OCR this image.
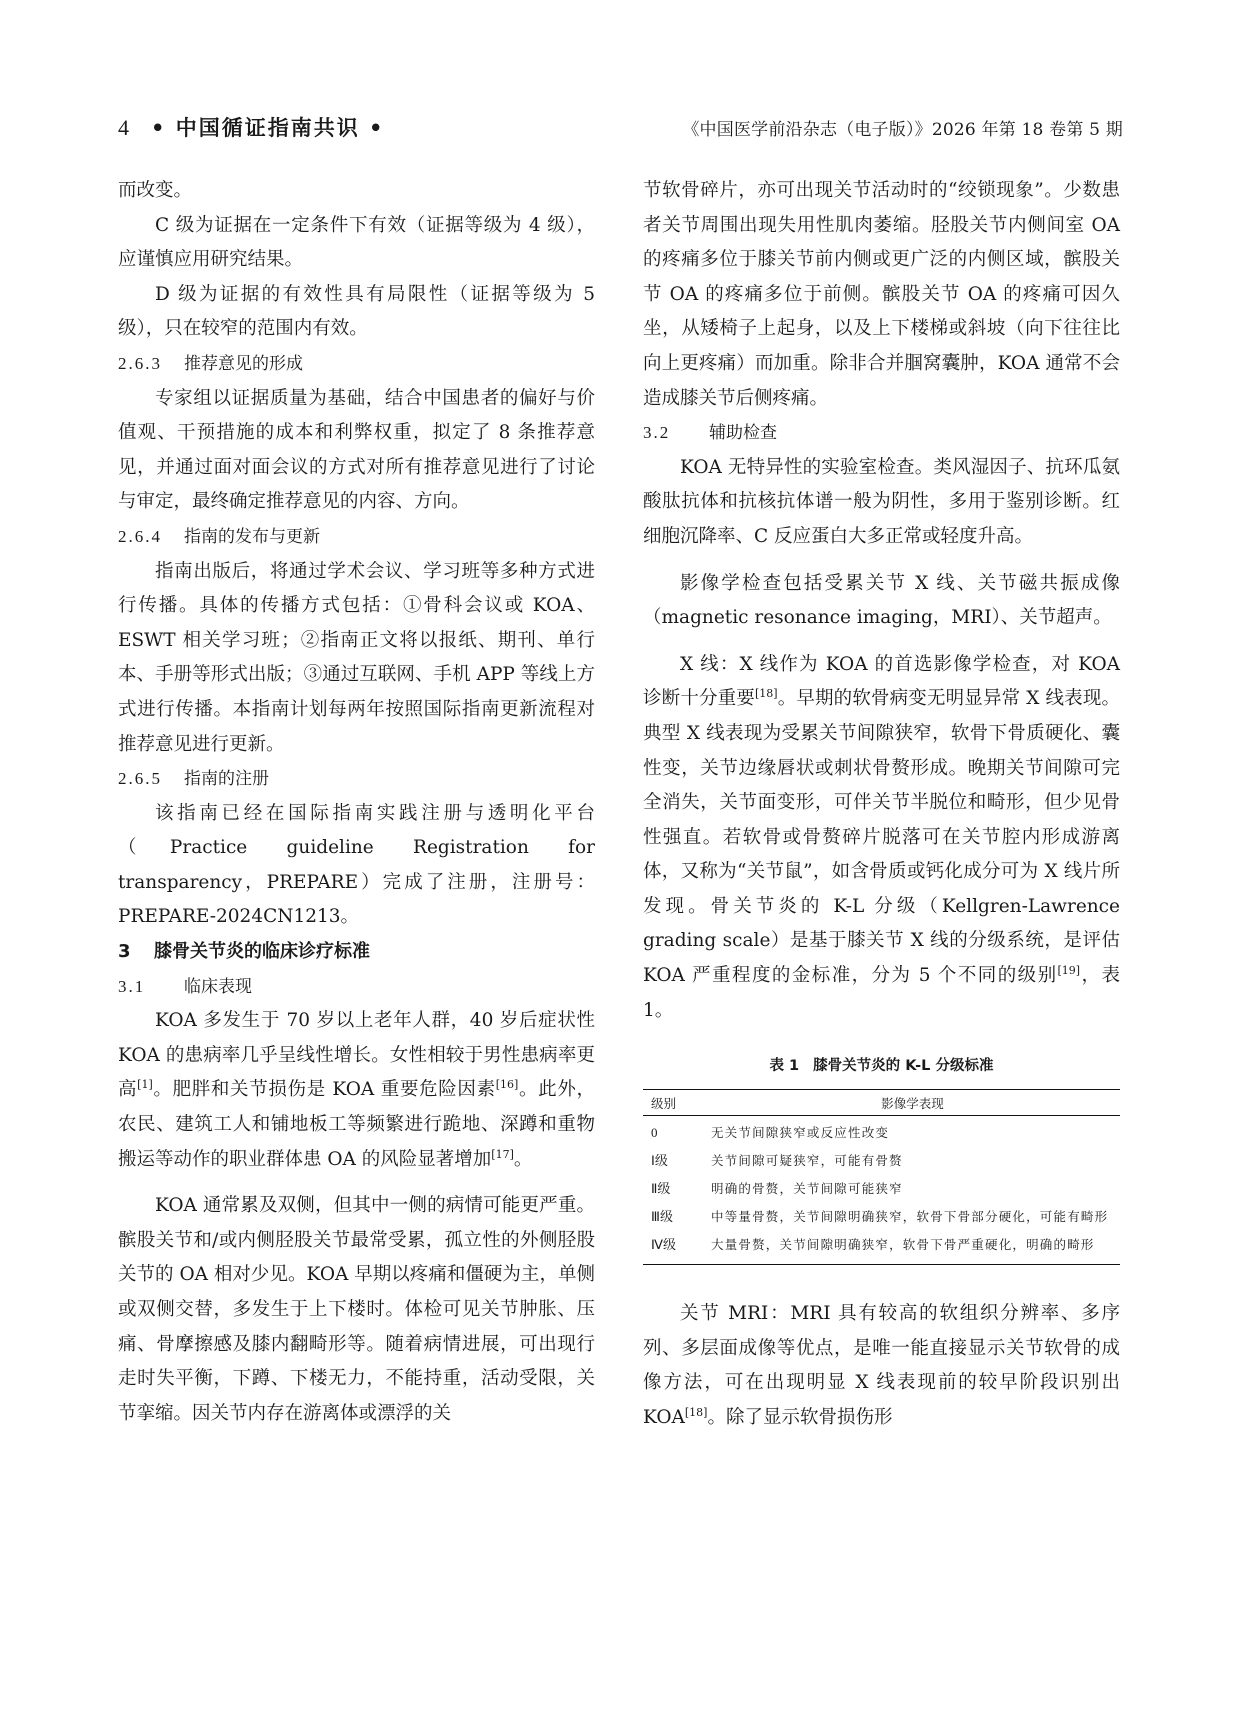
4 • 中国循证指南共识 •	《中国医学前沿杂志（电子版）》2026 年第 18 卷第 5 期

而改变。

C 级为证据在一定条件下有效（证据等级为 4 级），应谨慎应用研究结果。

D 级为证据的有效性具有局限性（证据等级为 5 级），只在较窄的范围内有效。

2.6.3 推荐意见的形成

专家组以证据质量为基础，结合中国患者的偏好与价值观、干预措施的成本和利弊权重，拟定了 8 条推荐意见，并通过面对面会议的方式对所有推荐意见进行了讨论与审定，最终确定推荐意见的内容、方向。

2.6.4 指南的发布与更新

指南出版后，将通过学术会议、学习班等多种方式进行传播。具体的传播方式包括：①骨科会议或 KOA、ESWT 相关学习班；②指南正文将以报纸、期刊、单行本、手册等形式出版；③通过互联网、手机 APP 等线上方式进行传播。本指南计划每两年按照国际指南更新流程对推荐意见进行更新。

2.6.5 指南的注册

该指南已经在国际指南实践注册与透明化平台（Practice guideline Registration for transparency，PREPARE）完成了注册，注册号：PREPARE-2024CN1213。

3 膝骨关节炎的临床诊疗标准
3.1 临床表现

KOA 多发生于 70 岁以上老年人群，40 岁后症状性 KOA 的患病率几乎呈线性增长。女性相较于男性患病率更高[1]。肥胖和关节损伤是 KOA 重要危险因素[16]。此外，农民、建筑工人和铺地板工等频繁进行跪地、深蹲和重物搬运等动作的职业群体患 OA 的风险显著增加[17]。

KOA 通常累及双侧，但其中一侧的病情可能更严重。髌股关节和/或内侧胫股关节最常受累，孤立性的外侧胫股关节的 OA 相对少见。KOA 早期以疼痛和僵硬为主，单侧或双侧交替，多发生于上下楼时。体检可见关节肿胀、压痛、骨摩擦感及膝内翻畸形等。随着病情进展，可出现行走时失平衡，下蹲、下楼无力，不能持重，活动受限，关节挛缩。因关节内存在游离体或漂浮的关

节软骨碎片，亦可出现关节活动时的“绞锁现象”。少数患者关节周围出现失用性肌肉萎缩。胫股关节内侧间室 OA 的疼痛多位于膝关节前内侧或更广泛的内侧区域，髌股关节 OA 的疼痛多位于前侧。髌股关节 OA 的疼痛可因久坐，从矮椅子上起身，以及上下楼梯或斜坡（向下往往比向上更疼痛）而加重。除非合并腘窝囊肿，KOA 通常不会造成膝关节后侧疼痛。

3.2 辅助检查

KOA 无特异性的实验室检查。类风湿因子、抗环瓜氨酸肽抗体和抗核抗体谱一般为阴性，多用于鉴别诊断。红细胞沉降率、C 反应蛋白大多正常或轻度升高。

影像学检查包括受累关节 X 线、关节磁共振成像（magnetic resonance imaging，MRI）、关节超声。

X 线：X 线作为 KOA 的首选影像学检查，对 KOA 诊断十分重要[18]。早期的软骨病变无明显异常 X 线表现。典型 X 线表现为受累关节间隙狭窄，软骨下骨质硬化、囊性变，关节边缘唇状或刺状骨赘形成。晚期关节间隙可完全消失，关节面变形，可伴关节半脱位和畸形，但少见骨性强直。若软骨或骨赘碎片脱落可在关节腔内形成游离体，又称为“关节鼠”，如含骨质或钙化成分可为 X 线片所发现。骨关节炎的 K-L 分级（Kellgren-Lawrence grading scale）是基于膝关节 X 线的分级系统，是评估 KOA 严重程度的金标准，分为 5 个不同的级别[19]，表 1。

表 1 膝骨关节炎的 K-L 分级标准
级别	影像学表现
0	无关节间隙狭窄或反应性改变
Ⅰ级	关节间隙可疑狭窄，可能有骨赘
Ⅱ级	明确的骨赘，关节间隙可能狭窄
Ⅲ级	中等量骨赘，关节间隙明确狭窄，软骨下骨部分硬化，可能有畸形
Ⅳ级	大量骨赘，关节间隙明确狭窄，软骨下骨严重硬化，明确的畸形

关节 MRI：MRI 具有较高的软组织分辨率、多序列、多层面成像等优点，是唯一能直接显示关节软骨的成像方法，可在出现明显 X 线表现前的较早阶段识别出 KOA[18]。除了显示软骨损伤形
